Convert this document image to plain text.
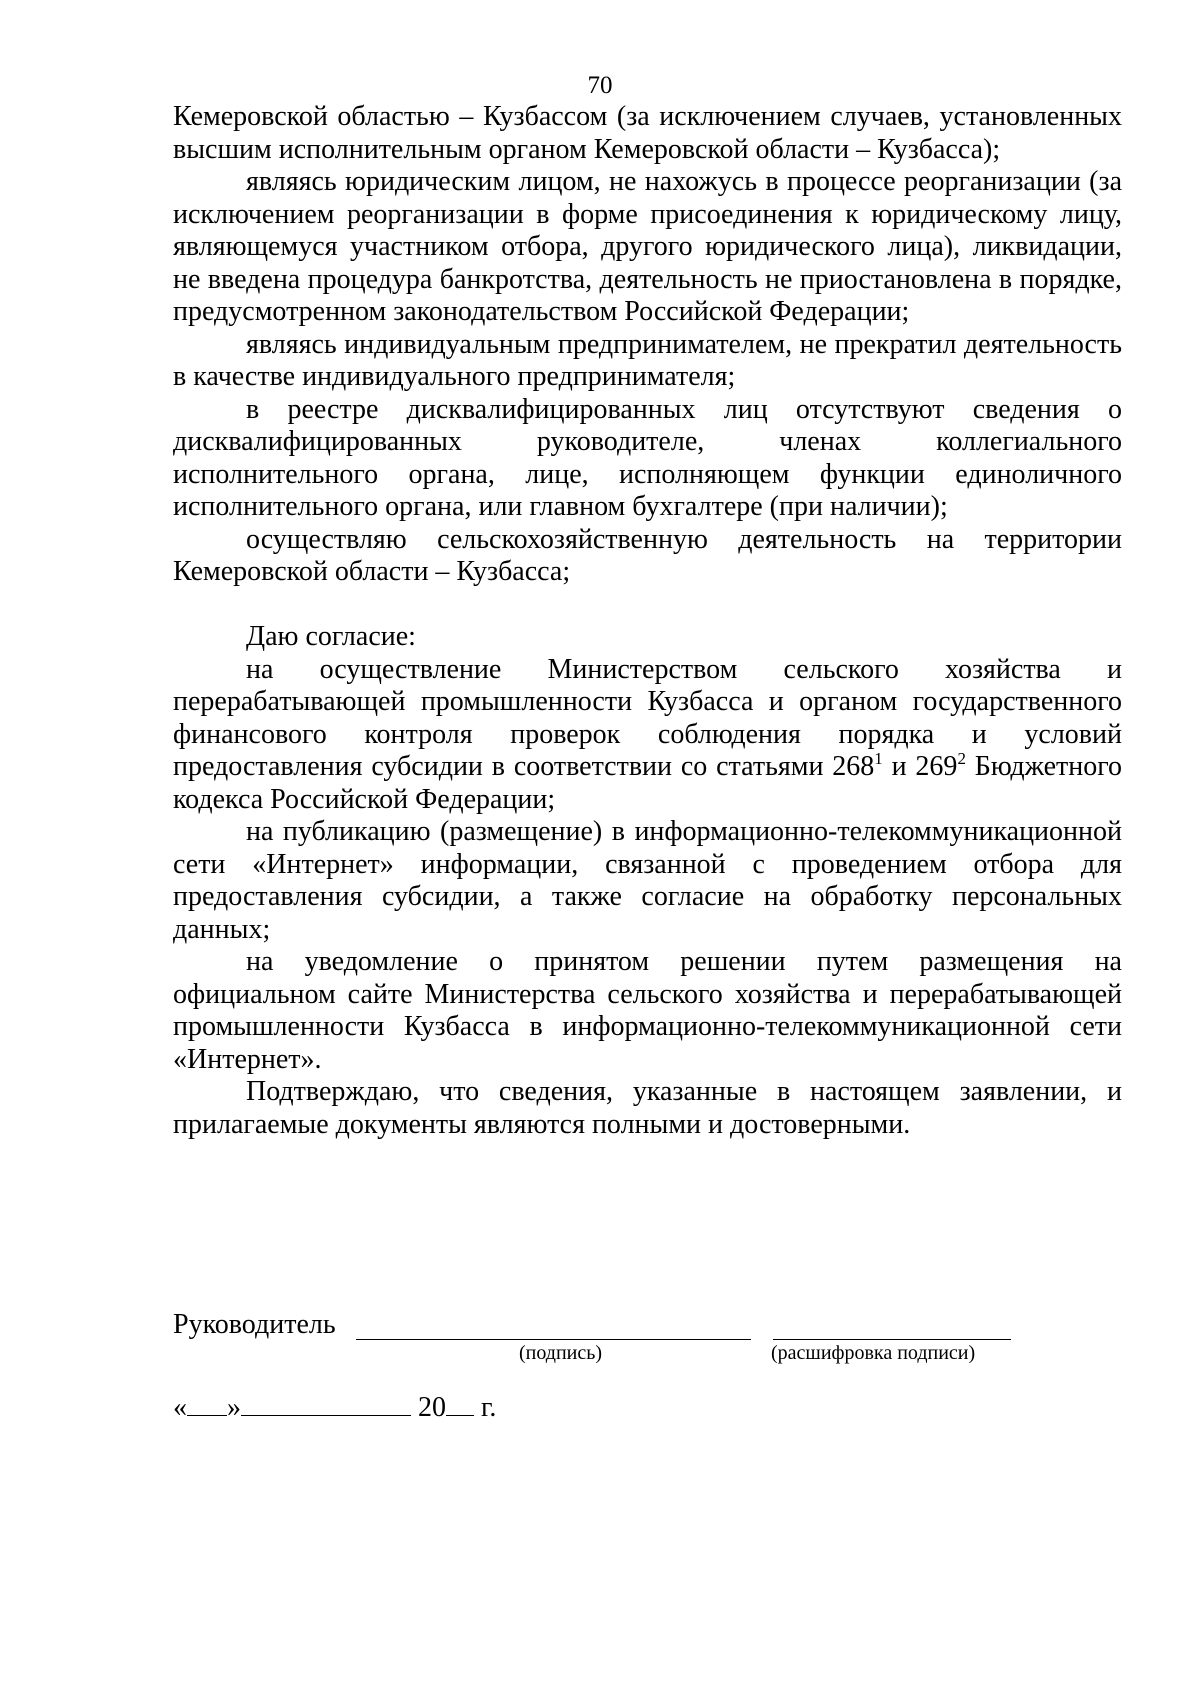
70

Кемеровской областью – Кузбассом (за исключением случаев, установленных высшим исполнительным органом Кемеровской области – Кузбасса);

являясь юридическим лицом, не нахожусь в процессе реорганизации (за исключением реорганизации в форме присоединения к юридическому лицу, являющемуся участником отбора, другого юридического лица), ликвидации, не введена процедура банкротства, деятельность не приостановлена в порядке, предусмотренном законодательством Российской Федерации;

являясь индивидуальным предпринимателем, не прекратил деятельность в качестве индивидуального предпринимателя;

в реестре дисквалифицированных лиц отсутствуют сведения о дисквалифицированных руководителе, членах коллегиального исполнительного органа, лице, исполняющем функции единоличного исполнительного органа, или главном бухгалтере (при наличии);

осуществляю сельскохозяйственную деятельность на территории Кемеровской области – Кузбасса;

Даю согласие:

на осуществление Министерством сельского хозяйства и перерабатывающей промышленности Кузбасса и органом государственного финансового контроля проверок соблюдения порядка и условий предоставления субсидии в соответствии со статьями $268^1$ и $269^2$ Бюджетного кодекса Российской Федерации;

на публикацию (размещение) в информационно-телекоммуникационной сети «Интернет» информации, связанной с проведением отбора для предоставления субсидии, а также согласие на обработку персональных данных;

на уведомление о принятом решении путем размещения на официальном сайте Министерства сельского хозяйства и перерабатывающей промышленности Кузбасса в информационно-телекоммуникационной сети «Интернет».

Подтверждаю, что сведения, указанные в настоящем заявлении, и прилагаемые документы являются полными и достоверными.

Руководитель
(подпись)	(расшифровка подписи)
« »	20 г.
